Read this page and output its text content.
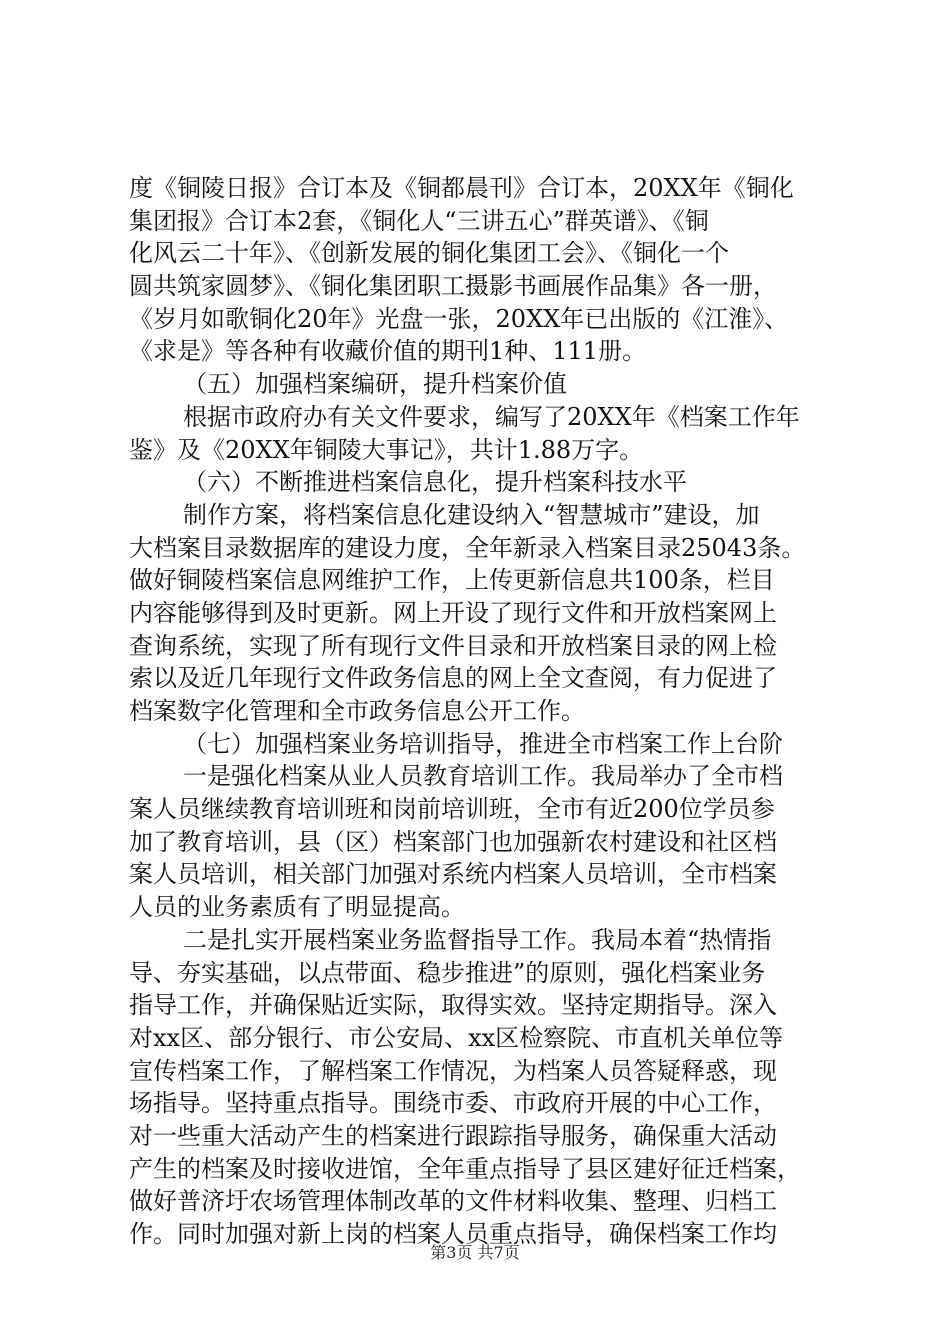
度《铜陵日报》合订本及《铜都晨刊》合订本，20XX年《铜化
集团报》合订本2套，《铜化人“三讲五心”群英谱》、《铜
化风云二十年》、《创新发展的铜化集团工会》、《铜化一个
圆共筑家圆梦》、《铜化集团职工摄影书画展作品集》各一册，
《岁月如歌铜化20年》光盘一张，20XX年已出版的《江淮》、
《求是》等各种有收藏价值的期刊1种、111册。
（五）加强档案编研，提升档案价值
根据市政府办有关文件要求，编写了20XX年《档案工作年
鉴》及《20XX年铜陵大事记》，共计1.88万字。
（六）不断推进档案信息化，提升档案科技水平
制作方案，将档案信息化建设纳入“智慧城市”建设，加
大档案目录数据库的建设力度，全年新录入档案目录25043条。
做好铜陵档案信息网维护工作，上传更新信息共100条，栏目
内容能够得到及时更新。网上开设了现行文件和开放档案网上
查询系统，实现了所有现行文件目录和开放档案目录的网上检
索以及近几年现行文件政务信息的网上全文查阅，有力促进了
档案数字化管理和全市政务信息公开工作。
（七）加强档案业务培训指导，推进全市档案工作上台阶
一是强化档案从业人员教育培训工作。我局举办了全市档
案人员继续教育培训班和岗前培训班，全市有近200位学员参
加了教育培训，县（区）档案部门也加强新农村建设和社区档
案人员培训，相关部门加强对系统内档案人员培训，全市档案
人员的业务素质有了明显提高。
二是扎实开展档案业务监督指导工作。我局本着“热情指
导、夯实基础，以点带面、稳步推进”的原则，强化档案业务
指导工作，并确保贴近实际，取得实效。坚持定期指导。深入
对xx区、部分银行、市公安局、xx区检察院、市直机关单位等
宣传档案工作，了解档案工作情况，为档案人员答疑释惑，现
场指导。坚持重点指导。围绕市委、市政府开展的中心工作，
对一些重大活动产生的档案进行跟踪指导服务，确保重大活动
产生的档案及时接收进馆，全年重点指导了县区建好征迁档案，
做好普济圩农场管理体制改革的文件材料收集、整理、归档工
作。同时加强对新上岗的档案人员重点指导，确保档案工作均
第3页 共7页
